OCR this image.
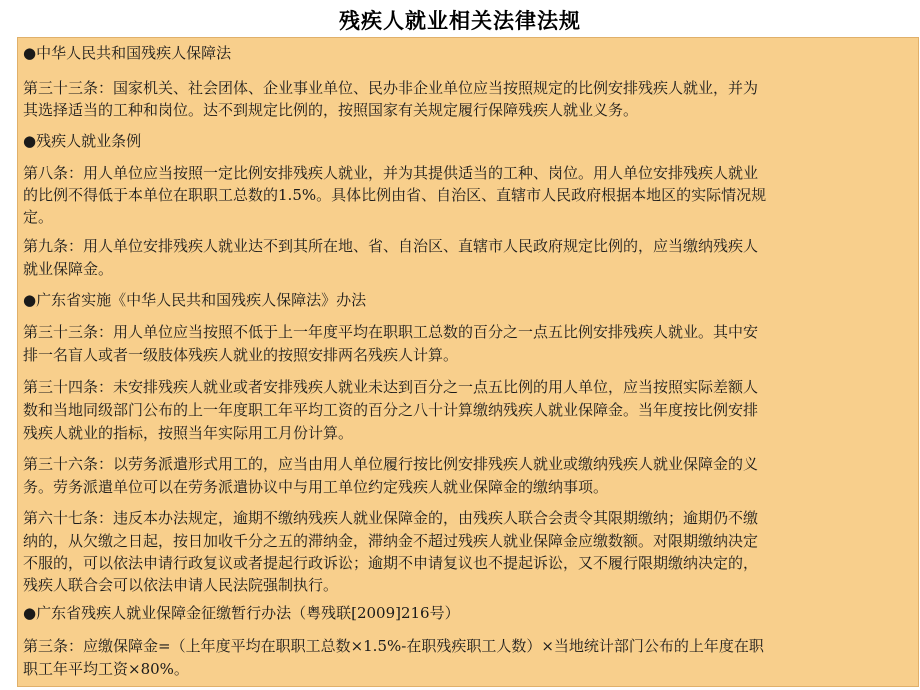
残疾人就业相关法律法规
●中华人民共和国残疾人保障法
第三十三条：国家机关、社会团体、企业事业单位、民办非企业单位应当按照规定的比例安排残疾人就业，并为
其选择适当的工种和岗位。达不到规定比例的，按照国家有关规定履行保障残疾人就业义务。
●残疾人就业条例
第八条：用人单位应当按照一定比例安排残疾人就业，并为其提供适当的工种、岗位。用人单位安排残疾人就业
的比例不得低于本单位在职职工总数的1.5%。具体比例由省、自治区、直辖市人民政府根据本地区的实际情况规
定。
第九条：用人单位安排残疾人就业达不到其所在地、省、自治区、直辖市人民政府规定比例的，应当缴纳残疾人
就业保障金。
●广东省实施《中华人民共和国残疾人保障法》办法
第三十三条：用人单位应当按照不低于上一年度平均在职职工总数的百分之一点五比例安排残疾人就业。其中安
排一名盲人或者一级肢体残疾人就业的按照安排两名残疾人计算。
第三十四条：未安排残疾人就业或者安排残疾人就业未达到百分之一点五比例的用人单位，应当按照实际差额人
数和当地同级部门公布的上一年度职工年平均工资的百分之八十计算缴纳残疾人就业保障金。当年度按比例安排
残疾人就业的指标，按照当年实际用工月份计算。
第三十六条：以劳务派遣形式用工的，应当由用人单位履行按比例安排残疾人就业或缴纳残疾人就业保障金的义
务。劳务派遣单位可以在劳务派遣协议中与用工单位约定残疾人就业保障金的缴纳事项。
第六十七条：违反本办法规定，逾期不缴纳残疾人就业保障金的，由残疾人联合会责令其限期缴纳；逾期仍不缴
纳的，从欠缴之日起，按日加收千分之五的滞纳金，滞纳金不超过残疾人就业保障金应缴数额。对限期缴纳决定
不服的，可以依法申请行政复议或者提起行政诉讼；逾期不申请复议也不提起诉讼，又不履行限期缴纳决定的，
残疾人联合会可以依法申请人民法院强制执行。
●广东省残疾人就业保障金征缴暂行办法（粤残联[2009]216号）
第三条：应缴保障金=（上年度平均在职职工总数×1.5%-在职残疾职工人数）×当地统计部门公布的上年度在职
职工年平均工资×80%。
